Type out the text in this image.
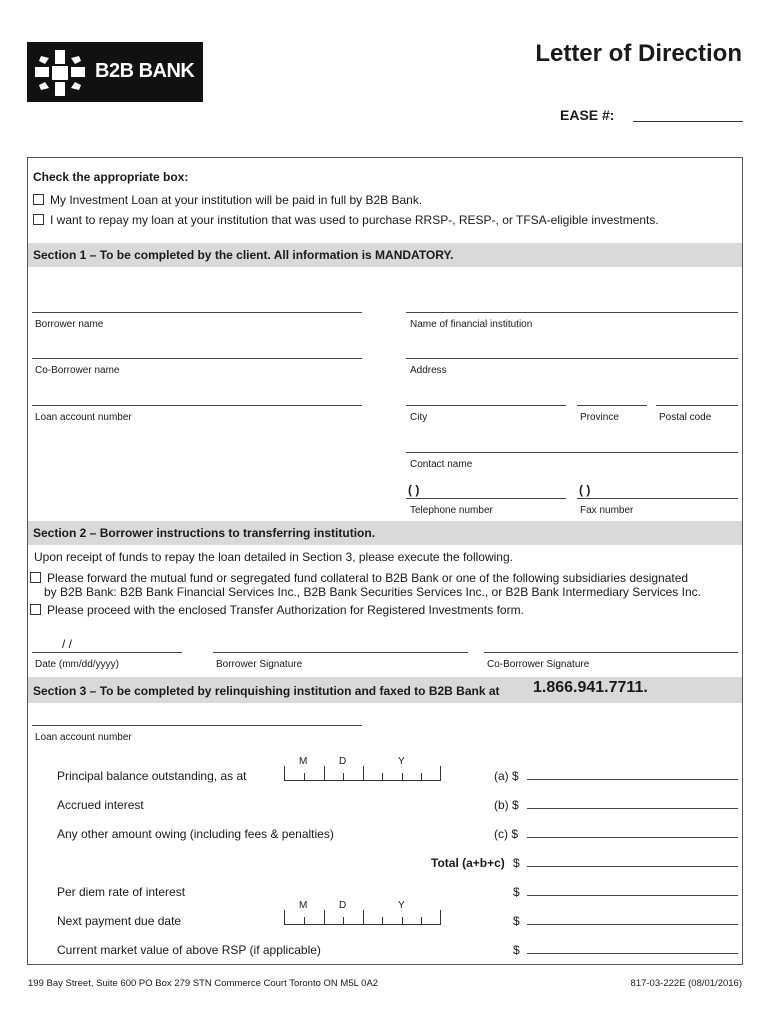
B2B BANK
Letter of Direction
EASE #:
Check the appropriate box:
My Investment Loan at your institution will be paid in full by B2B Bank.
I want to repay my loan at your institution that was used to purchase RRSP-, RESP-, or TFSA-eligible investments.
Section 1 – To be completed by the client. All information is MANDATORY.
Borrower name	Name of financial institution
Co-Borrower name	Address
Loan account number	City	Province	Postal code
Contact name
( )
Telephone number
( )
Fax number
Section 2 – Borrower instructions to transferring institution.
Upon receipt of funds to repay the loan detailed in Section 3, please execute the following.
Please forward the mutual fund or segregated fund collateral to B2B Bank or one of the following subsidiaries designated
by B2B Bank: B2B Bank Financial Services Inc., B2B Bank Securities Services Inc., or B2B Bank Intermediary Services Inc.
Please proceed with the enclosed Transfer Authorization for Registered Investments form.
/ /
Date (mm/dd/yyyy)	Borrower Signature	Co-Borrower Signature
Section 3 – To be completed by relinquishing institution and faxed to B2B Bank at 1.866.941.7711.
Loan account number
M	D	Y
Principal balance outstanding, as at	(a) $
Accrued interest	(b) $
Any other amount owing (including fees & penalties)	(c) $
Total (a+b+c) $
Per diem rate of interest	$
M	D	Y
Next payment due date	$
Current market value of above RSP (if applicable)	$
199 Bay Street, Suite 600 PO Box 279 STN Commerce Court Toronto ON M5L 0A2	817-03-222E (08/01/2016)
